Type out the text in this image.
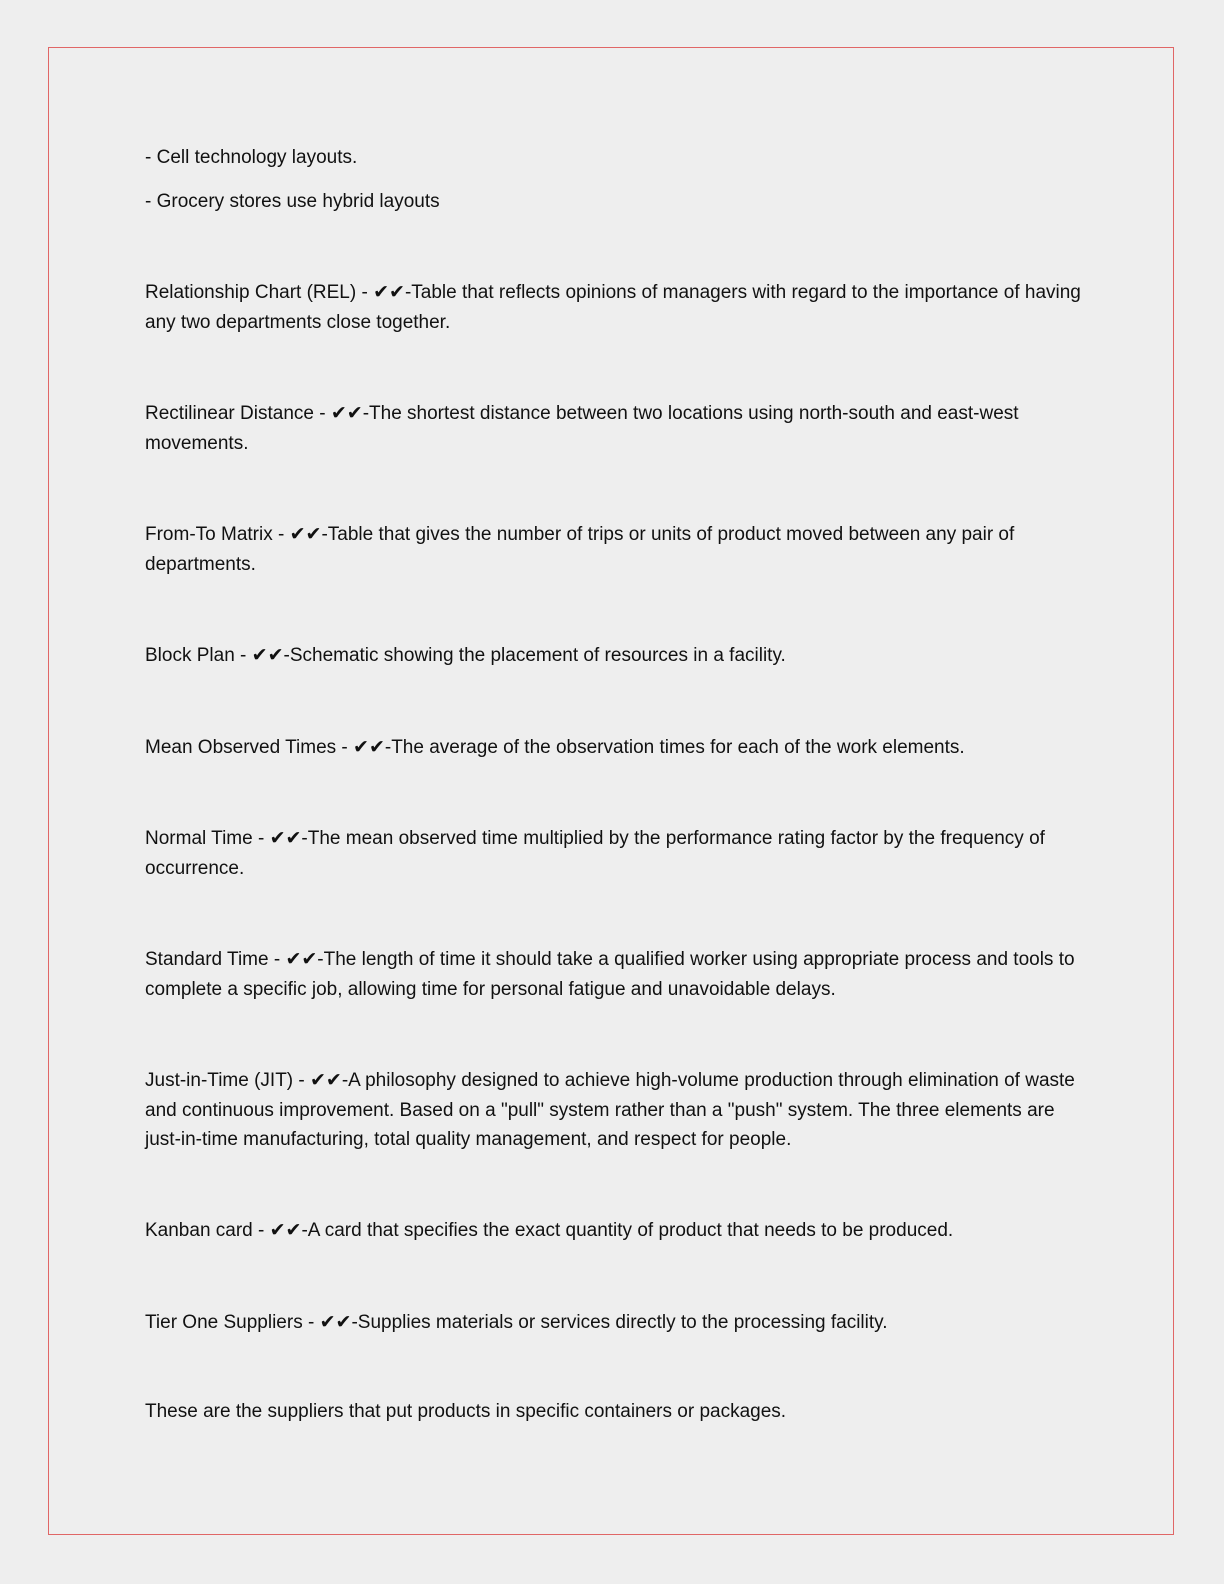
- Cell technology layouts.

- Grocery stores use hybrid layouts

Relationship Chart (REL) - ✔✔-Table that reflects opinions of managers with regard to the importance of having any two departments close together.

Rectilinear Distance - ✔✔-The shortest distance between two locations using north-south and east-west movements.

From-To Matrix - ✔✔-Table that gives the number of trips or units of product moved between any pair of departments.

Block Plan - ✔✔-Schematic showing the placement of resources in a facility.

Mean Observed Times - ✔✔-The average of the observation times for each of the work elements.

Normal Time - ✔✔-The mean observed time multiplied by the performance rating factor by the frequency of occurrence.

Standard Time - ✔✔-The length of time it should take a qualified worker using appropriate process and tools to complete a specific job, allowing time for personal fatigue and unavoidable delays.

Just-in-Time (JIT) - ✔✔-A philosophy designed to achieve high-volume production through elimination of waste and continuous improvement. Based on a "pull" system rather than a "push" system. The three elements are just-in-time manufacturing, total quality management, and respect for people.

Kanban card - ✔✔-A card that specifies the exact quantity of product that needs to be produced.

Tier One Suppliers - ✔✔-Supplies materials or services directly to the processing facility.

These are the suppliers that put products in specific containers or packages.
